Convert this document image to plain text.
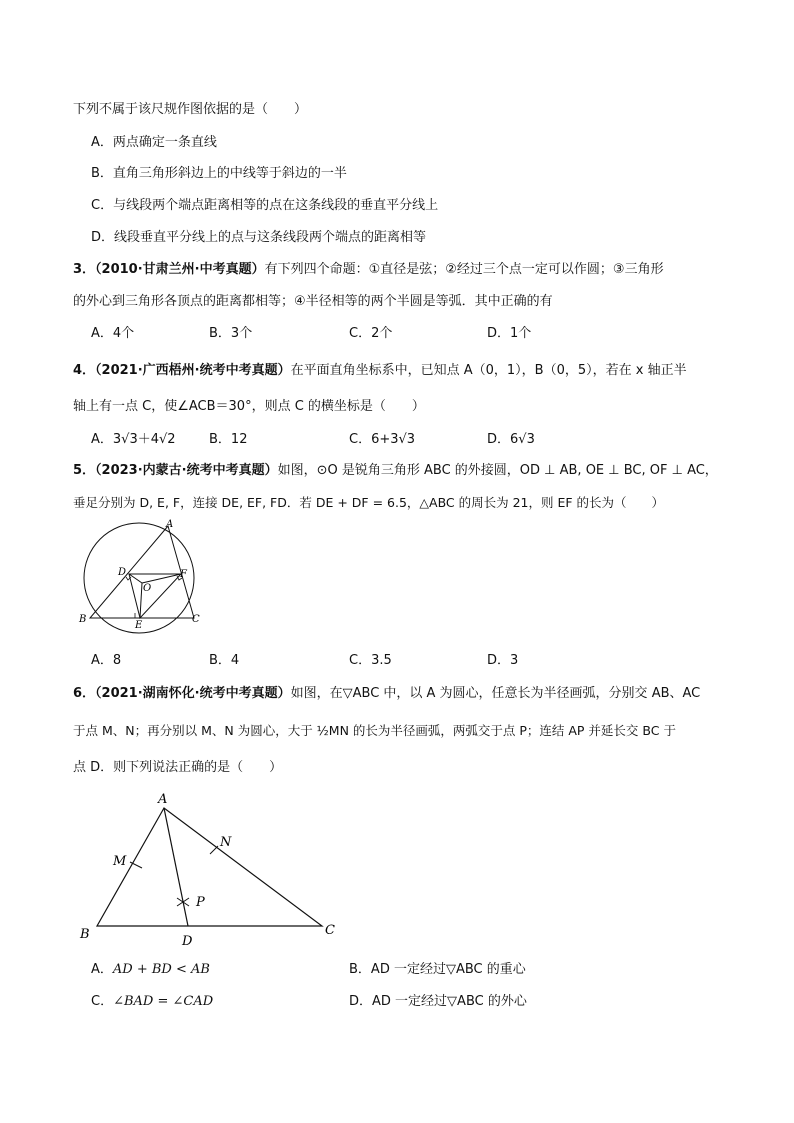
下列不属于该尺规作图依据的是（　　）
A．两点确定一条直线
B．直角三角形斜边上的中线等于斜边的一半
C．与线段两个端点距离相等的点在这条线段的垂直平分线上
D．线段垂直平分线上的点与这条线段两个端点的距离相等
3．（2010·甘肃兰州·中考真题）有下列四个命题：①直径是弦；②经过三个点一定可以作圆；③三角形
的外心到三角形各顶点的距离都相等；④半径相等的两个半圆是等弧．其中正确的有
A．4个	B．3个	C．2个	D．1个
4．（2021·广西梧州·统考中考真题）在平面直角坐标系中，已知点 A（0，1），B（0，5），若在 x 轴正半
轴上有一点 C，使∠ACB＝30°，则点 C 的横坐标是（　　）
A．3√3＋4√2	B．12	C．6+3√3	D．6√3
5．（2023·内蒙古·统考中考真题）如图，⊙O 是锐角三角形 ABC 的外接圆，OD ⊥ AB, OE ⊥ BC, OF ⊥ AC，
垂足分别为 D, E, F，连接 DE, EF, FD．若 DE + DF = 6.5，△ABC 的周长为 21，则 EF 的长为（　　）
A
B	C
D
E
F
O
A．8	B．4	C．3.5	D．3
6．（2021·湖南怀化·统考中考真题）如图，在▽ABC 中，以 A 为圆心，任意长为半径画弧，分别交 AB、AC
于点 M、N；再分别以 M、N 为圆心，大于 ½MN 的长为半径画弧，两弧交于点 P；连结 AP 并延长交 BC 于
点 D．则下列说法正确的是（　　）
A
B	C
D
M
N
P
A．AD + BD < AB	B．AD 一定经过▽ABC 的重心
C．∠BAD = ∠CAD	D．AD 一定经过▽ABC 的外心
